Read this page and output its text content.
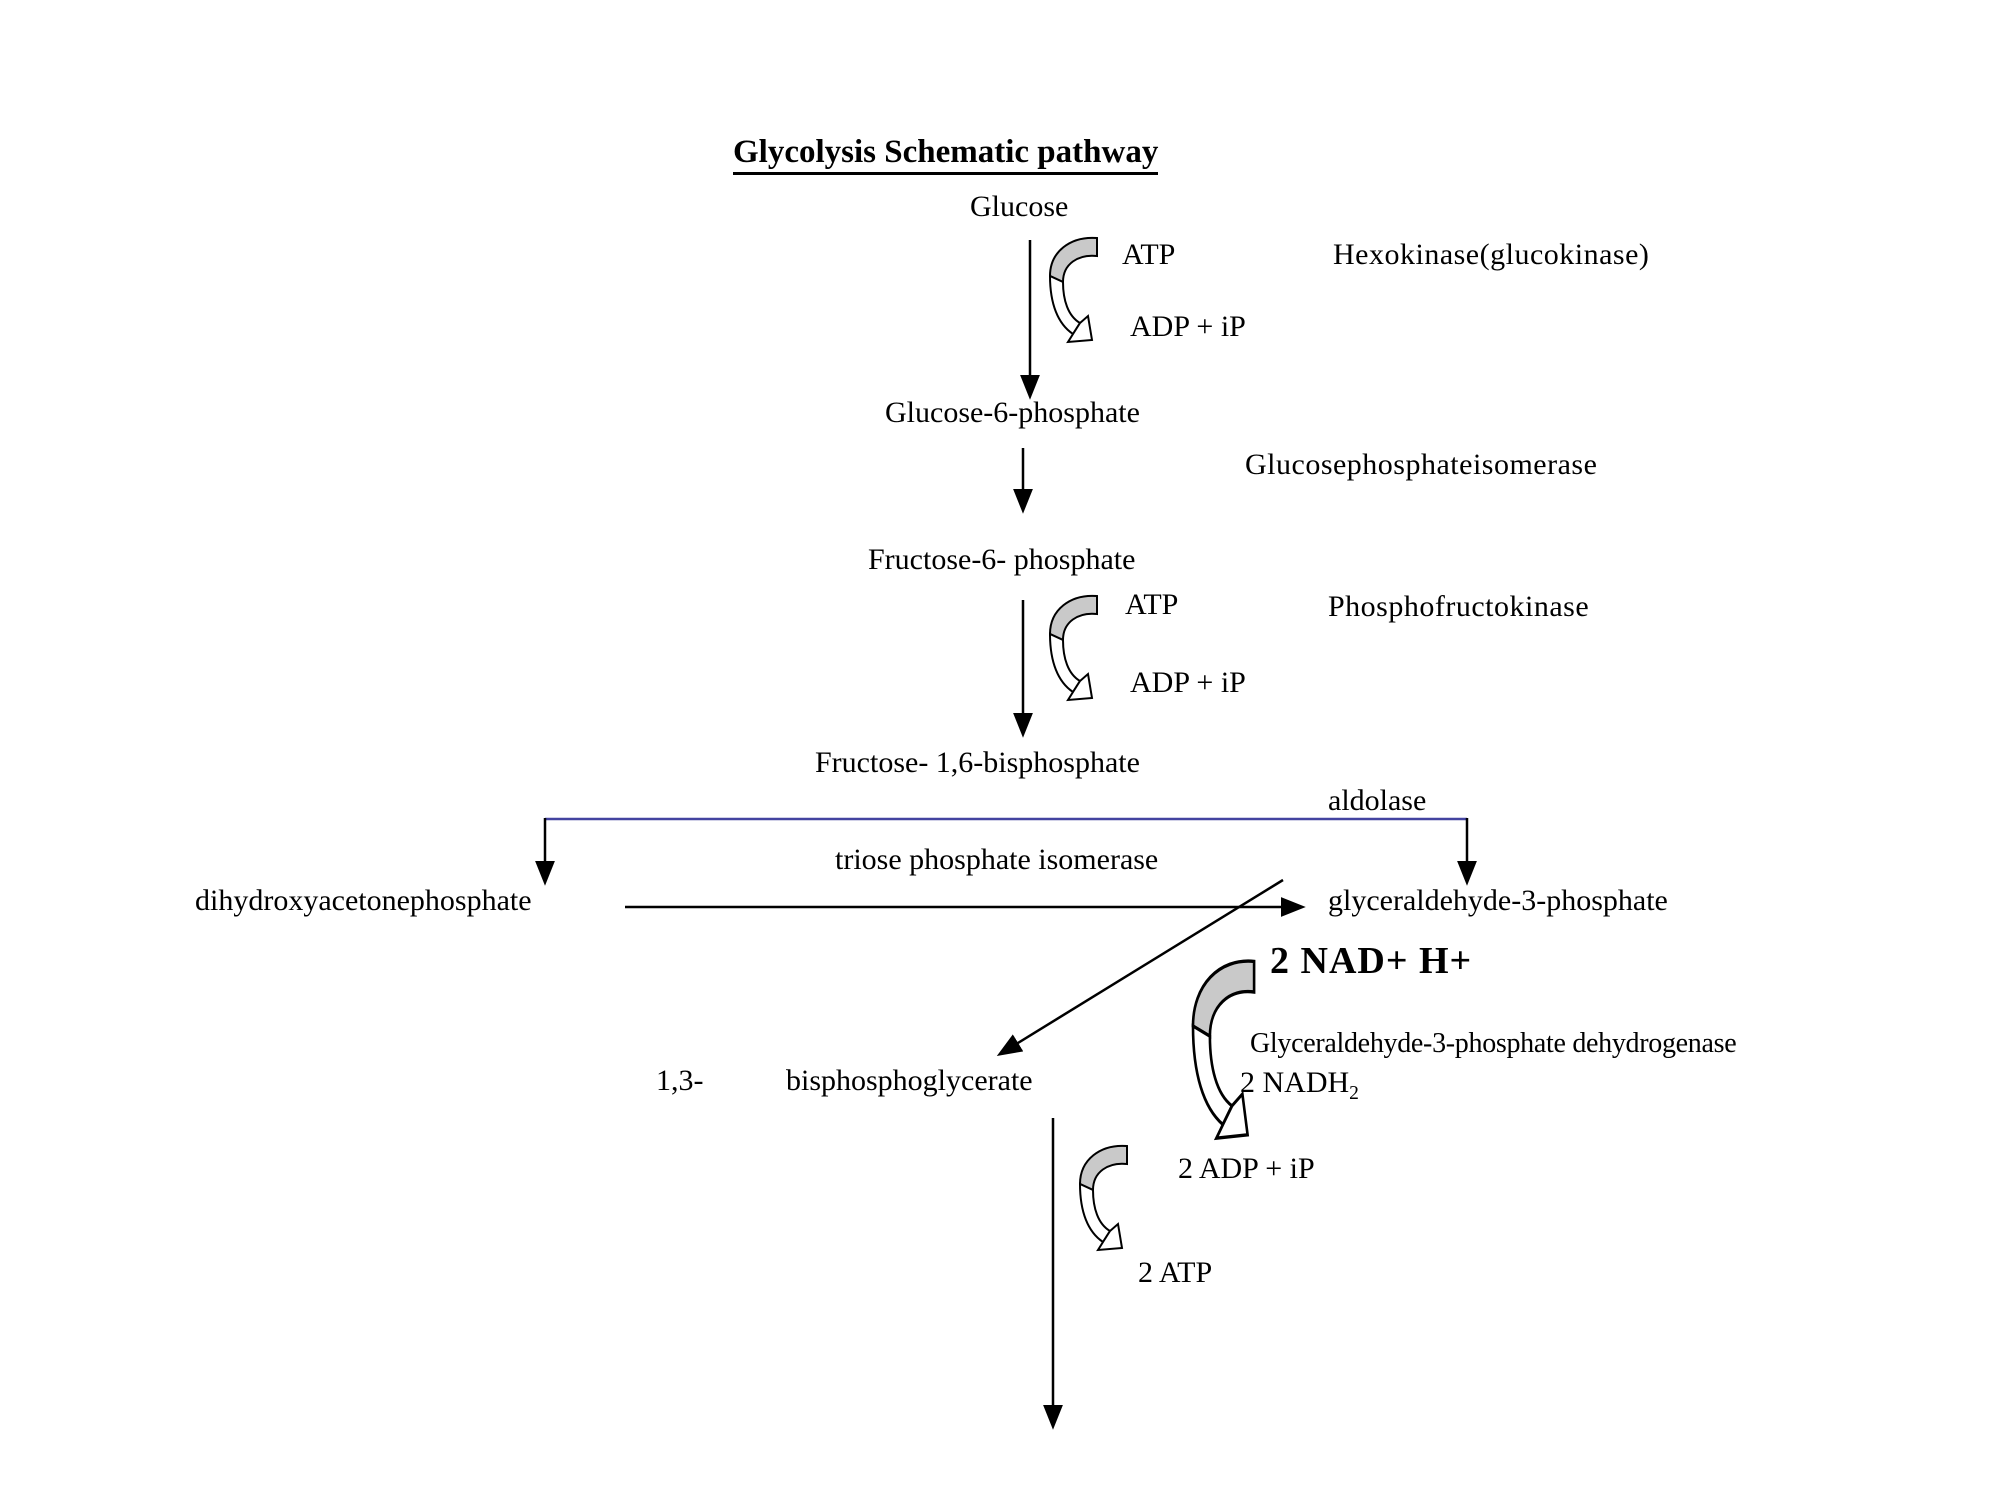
Glycolysis Schematic pathway
Glucose
Glucose-6-phosphate
Fructose-6- phosphate
Fructose- 1,6-bisphosphate
dihydroxyacetonephosphate	glyceraldehyde-3-phosphate
1,3-	bisphosphoglycerate
Hexokinase(glucokinase)
Glucosephosphateisomerase
Phosphofructokinase
aldolase
triose phosphate isomerase
Glyceraldehyde-3-phosphate dehydrogenase
ATP
ADP + iP
ATP
ADP + iP
2 NAD+ H+
2 $NADH_2$
2 ADP + iP
2 ATP
